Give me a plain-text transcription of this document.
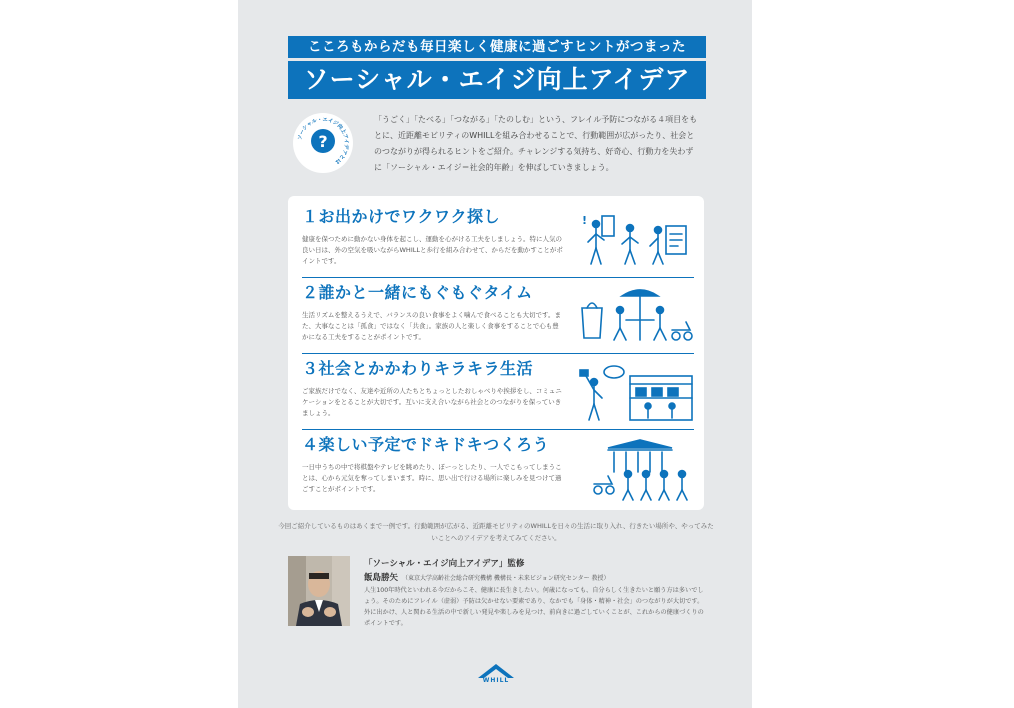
こころもからだも毎日楽しく健康に過ごすヒントがつまった
ソーシャル・エイジ向上アイデア
?
ソーシャル・エイジ向上アイデアとは
「うごく」「たべる」「つながる」「たのしむ」という、フレイル予防につながる４項目をもとに、近距離モビリティのWHILLを組み合わせることで、行動範囲が広がったり、社会とのつながりが得られるヒントをご紹介。チャレンジする気持ち、好奇心、行動力を失わずに「ソーシャル・エイジ＝社会的年齢」を伸ばしていきましょう。
１お出かけでワクワク探し
健康を保つために動かない身体を起こし、運動を心がける工夫をしましょう。特に人気の良い日は、外の空気を吸いながらWHILLと歩行を組み合わせて、からだを動かすことがポイントです。
!
２誰かと一緒にもぐもぐタイム
生活リズムを整えるうえで、バランスの良い食事をよく噛んで食べることも大切です。また、大事なことは「孤食」ではなく「共食」。家族の人と楽しく食事をすることで心も豊かになる工夫をすることがポイントです。
３社会とかかわりキラキラ生活
ご家族だけでなく、友達や近所の人たちとちょっとしたおしゃべりや挨拶をし、コミュニケーションをとることが大切です。互いに支え合いながら社会とのつながりを保っていきましょう。
４楽しい予定でドキドキつくろう
一日中うちの中で将棋盤やテレビを眺めたり、ぼーっとしたり、一人でこもってしまうことは、心から元気を奪ってしまいます。時に、思い出で行ける場所に楽しみを見つけて過ごすことがポイントです。
今回ご紹介しているものはあくまで一例です。行動範囲が広がる、近距離モビリティのWHILLを日々の生活に取り入れ、行きたい場所や、やってみたいことへのアイデアを考えてみてください。
「ソーシャル・エイジ向上アイデア」監修
飯島勝矢 （東京大学高齢社会総合研究機構 機構長・未来ビジョン研究センター 教授）
人生100年時代といわれる今だからこそ、健康に長生きしたい。何歳になっても、自分らしく生きたいと願う方は多いでしょう。そのためにフレイル（虚弱）予防は欠かせない要素であり、なかでも「身体・精神・社会」のつながりが大切です。外に出かけ、人と関わる生活の中で新しい発見や楽しみを見つけ、前向きに過ごしていくことが、これからの健康づくりのポイントです。
WHILL
